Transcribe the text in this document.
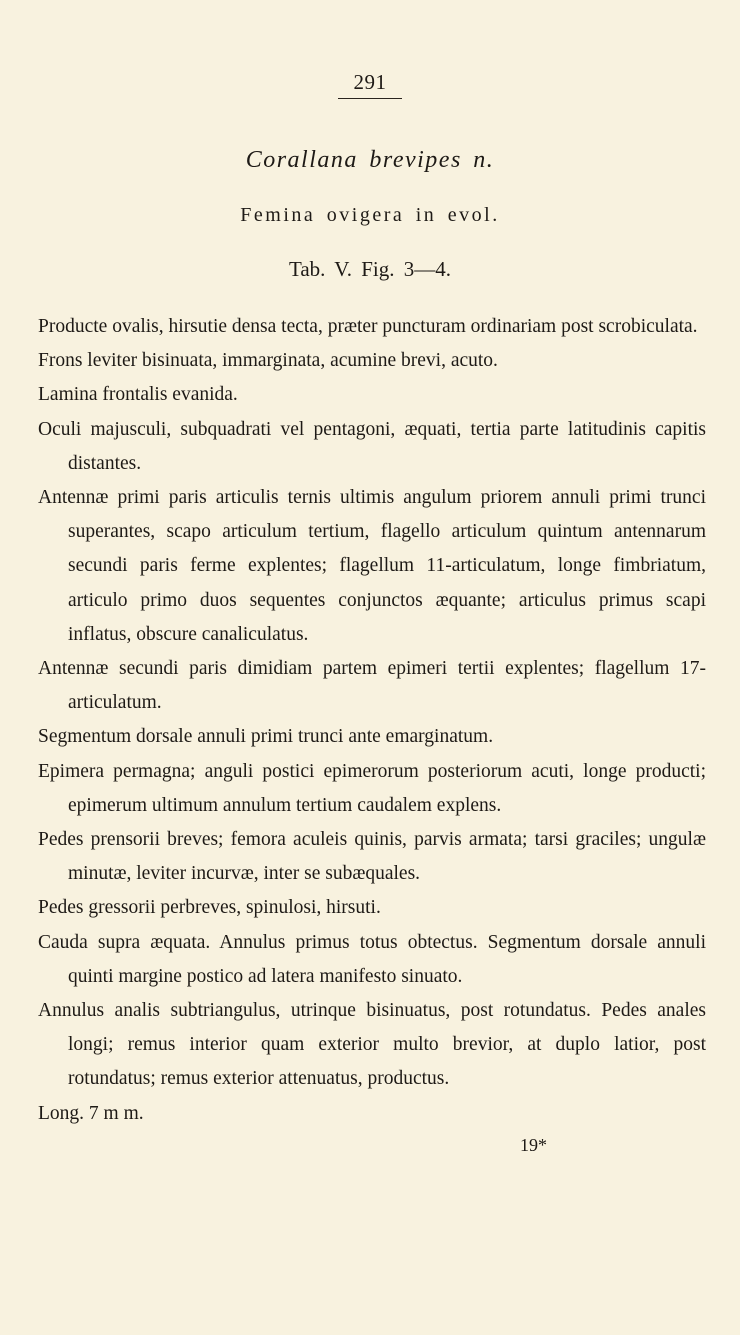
291
Corallana brevipes n.
Femina ovigera in evol.
Tab. V. Fig. 3—4.

Producte ovalis, hirsutie densa tecta, præter puncturam ordinariam post scrobiculata.

Frons leviter bisinuata, immarginata, acumine brevi, acuto.

Lamina frontalis evanida.

Oculi majusculi, subquadrati vel pentagoni, æquati, tertia parte latitudinis capitis distantes.

Antennæ primi paris articulis ternis ultimis angulum priorem annuli primi trunci superantes, scapo articulum tertium, flagello articulum quintum antennarum secundi paris ferme explentes; flagellum 11-articulatum, longe fimbriatum, articulo primo duos sequentes conjunctos æquante; articulus primus scapi inflatus, obscure canaliculatus.

Antennæ secundi paris dimidiam partem epimeri tertii explentes; flagellum 17-articulatum.

Segmentum dorsale annuli primi trunci ante emarginatum.

Epimera permagna; anguli postici epimerorum posteriorum acuti, longe producti; epimerum ultimum annulum tertium caudalem explens.

Pedes prensorii breves; femora aculeis quinis, parvis armata; tarsi graciles; ungulæ minutæ, leviter incurvæ, inter se subæquales.

Pedes gressorii perbreves, spinulosi, hirsuti.

Cauda supra æquata. Annulus primus totus obtectus. Segmentum dorsale annuli quinti margine postico ad latera manifesto sinuato.

Annulus analis subtriangulus, utrinque bisinuatus, post rotundatus. Pedes anales longi; remus interior quam exterior multo brevior, at duplo latior, post rotundatus; remus exterior attenuatus, productus.

Long. 7 m m.

19*
